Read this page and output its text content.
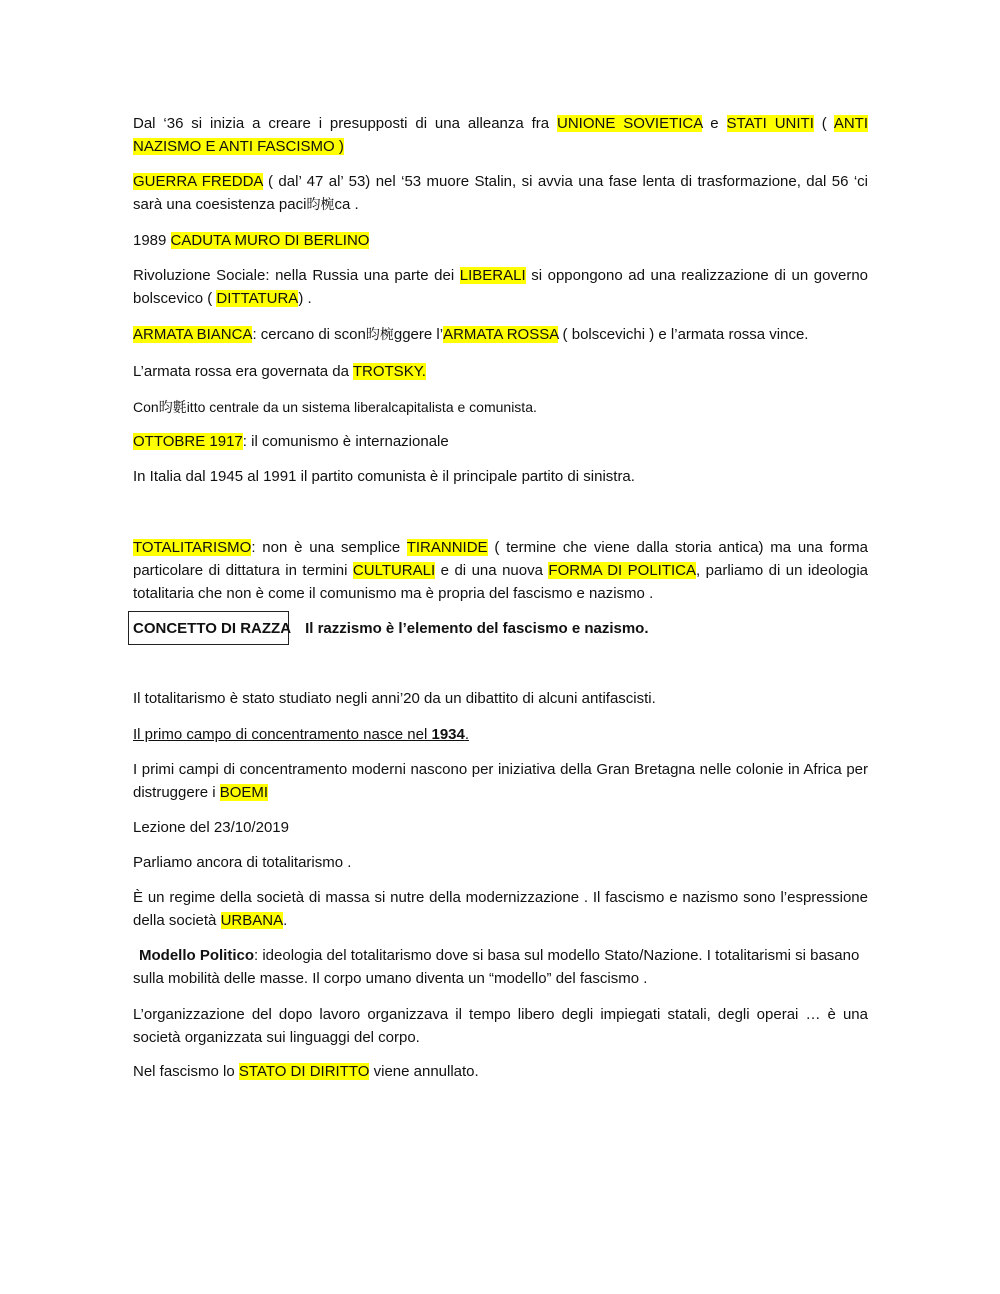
Dal ‘36 si inizia a creare i presupposti di una alleanza fra UNIONE SOVIETICA e STATI UNITI ( ANTI NAZISMO E ANTI FASCISMO )

GUERRA FREDDA ( dal’ 47 al’ 53) nel ‘53 muore Stalin, si avvia una fase lenta di trasformazione, dal 56 ‘ci sarà una coesistenza paci昀椀ca .

1989 CADUTA MURO DI BERLINO

Rivoluzione Sociale: nella Russia una parte dei LIBERALI si oppongono ad una realizzazione di un governo bolscevico ( DITTATURA) .

ARMATA BIANCA: cercano di scon昀椀ggere l’ARMATA ROSSA ( bolscevichi ) e l’armata rossa vince.

L’armata rossa era governata da TROTSKY.

Con昀氀itto centrale da un sistema liberalcapitalista e comunista.

OTTOBRE 1917: il comunismo è internazionale

In Italia dal 1945 al 1991 il partito comunista è il principale partito di sinistra.

TOTALITARISMO: non è una semplice TIRANNIDE ( termine che viene dalla storia antica) ma una forma particolare di dittatura in termini CULTURALI e di una nuova FORMA DI POLITICA, parliamo di un ideologia totalitaria che non è come il comunismo ma è propria del fascismo e nazismo .

CONCETTO DI RAZZA Il razzismo è l’elemento del fascismo e nazismo.

Il totalitarismo è stato studiato negli anni’20 da un dibattito di alcuni antifascisti.

Il primo campo di concentramento nasce nel 1934.

I primi campi di concentramento moderni nascono per iniziativa della Gran Bretagna nelle colonie in Africa per distruggere i BOEMI

Lezione del 23/10/2019

Parliamo ancora di totalitarismo .

È un regime della società di massa si nutre della modernizzazione . Il fascismo e nazismo sono l’espressione della società URBANA.

Modello Politico: ideologia del totalitarismo dove si basa sul modello Stato/Nazione. I totalitarismi si basano sulla mobilità delle masse. Il corpo umano diventa un “modello” del fascismo .

L’organizzazione del dopo lavoro organizzava il tempo libero degli impiegati statali, degli operai … è una società organizzata sui linguaggi del corpo.

Nel fascismo lo STATO DI DIRITTO viene annullato.
